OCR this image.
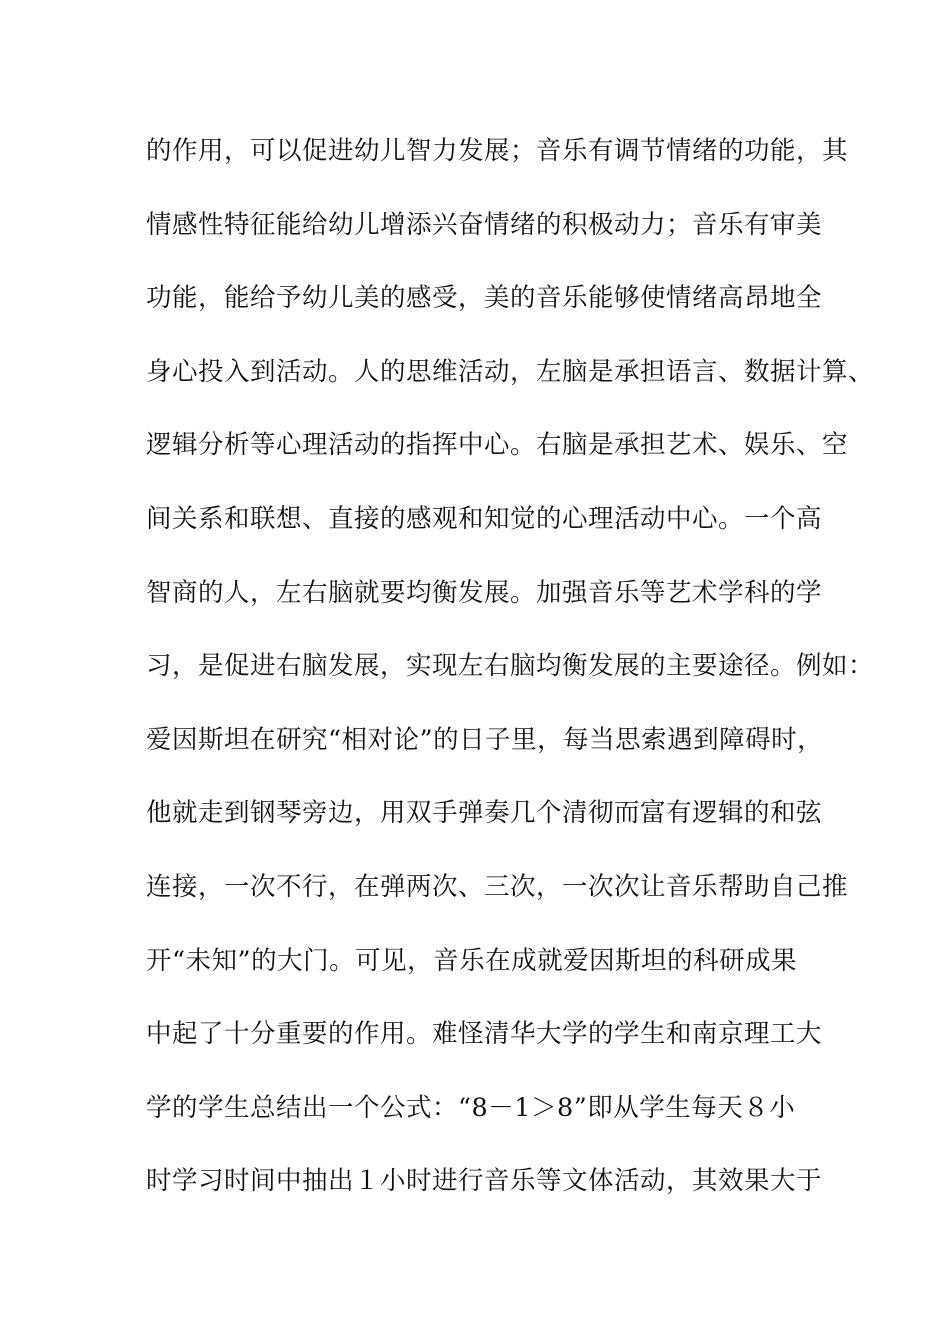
的作用，可以促进幼儿智力发展；音乐有调节情绪的功能，其
情感性特征能给幼儿增添兴奋情绪的积极动力；音乐有审美
功能，能给予幼儿美的感受，美的音乐能够使情绪高昂地全
身心投入到活动。人的思维活动，左脑是承担语言、数据计算、
逻辑分析等心理活动的指挥中心。右脑是承担艺术、娱乐、空
间关系和联想、直接的感观和知觉的心理活动中心。一个高
智商的人，左右脑就要均衡发展。加强音乐等艺术学科的学
习，是促进右脑发展，实现左右脑均衡发展的主要途径。例如：
爱因斯坦在研究“相对论”的日子里，每当思索遇到障碍时，
他就走到钢琴旁边，用双手弹奏几个清彻而富有逻辑的和弦
连接，一次不行，在弹两次、三次，一次次让音乐帮助自己推
开“未知”的大门。可见，音乐在成就爱因斯坦的科研成果
中起了十分重要的作用。难怪清华大学的学生和南京理工大
学的学生总结出一个公式：“8－1＞8”即从学生每天８小
时学习时间中抽出１小时进行音乐等文体活动，其效果大于
